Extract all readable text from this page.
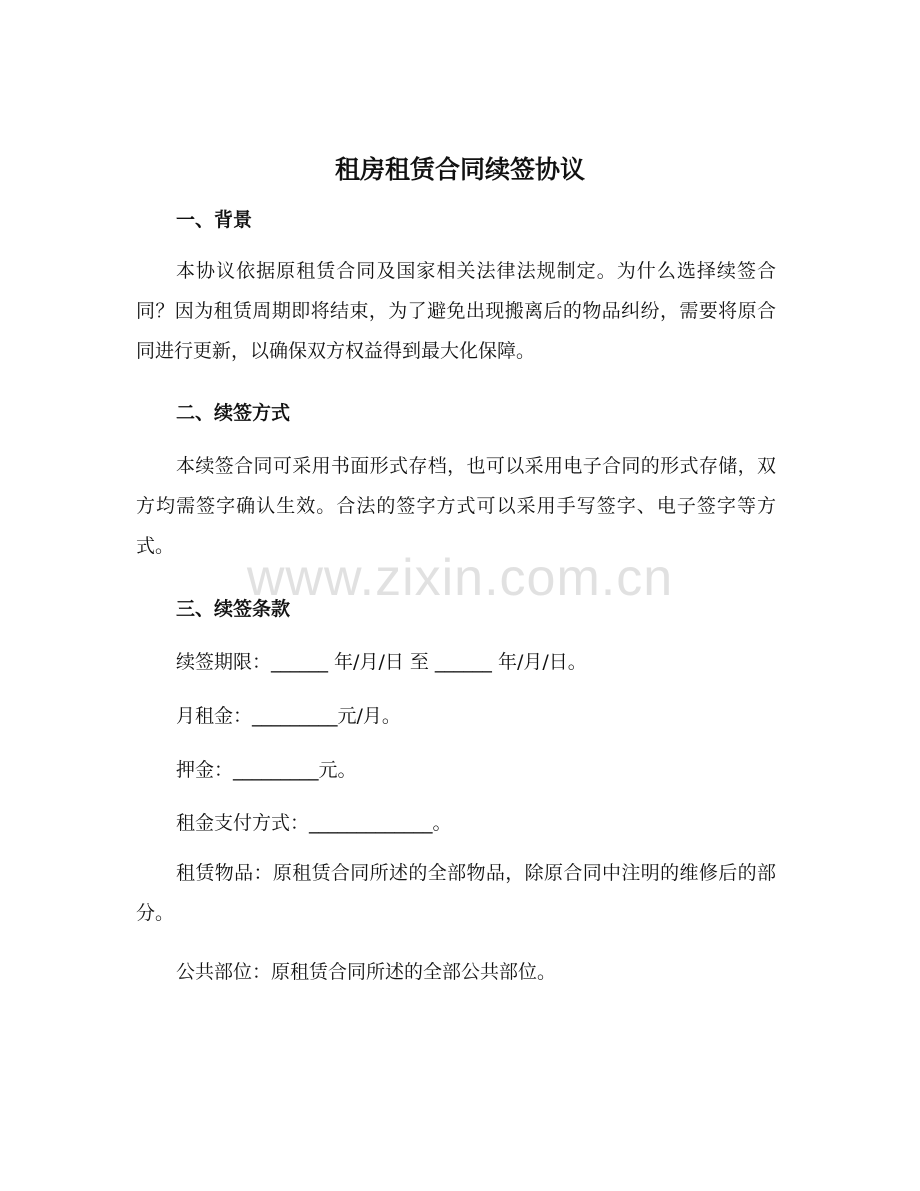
租房租赁合同续签协议
一、背景

本协议依据原租赁合同及国家相关法律法规制定。为什么选择续签合同？因为租赁周期即将结束，为了避免出现搬离后的物品纠纷，需要将原合同进行更新，以确保双方权益得到最大化保障。

二、续签方式

本续签合同可采用书面形式存档，也可以采用电子合同的形式存储，双方均需签字确认生效。合法的签字方式可以采用手写签字、电子签字等方式。

三、续签条款

续签期限：______ 年/月/日 至 ______ 年/月/日。

月租金：_________元/月。

押金：_________元。

租金支付方式：_____________。

租赁物品：原租赁合同所述的全部物品，除原合同中注明的维修后的部分。

公共部位：原租赁合同所述的全部公共部位。

www.zixin.com.cn
